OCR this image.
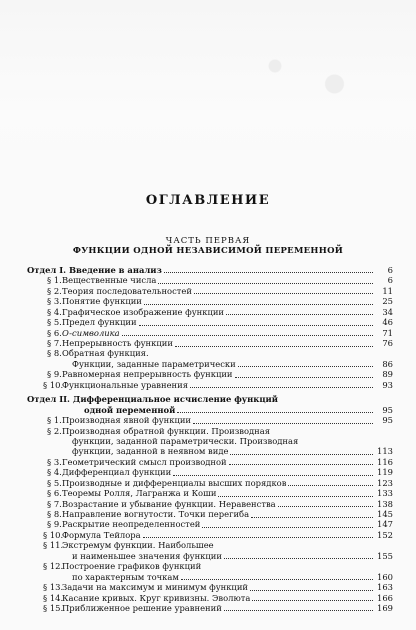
ОГЛАВЛЕНИЕ
ЧАСТЬ ПЕРВАЯ
ФУНКЦИИ ОДНОЙ НЕЗАВИСИМОЙ ПЕРЕМЕННОЙ
Отдел I. Введение в анализ	6
§ 1.Вещественные числа	6
§ 2.Теория последовательностей	11
§ 3.Понятие функции	25
§ 4.Графическое изображение функции	34
§ 5.Предел функции	46
§ 6.O-символика	71
§ 7.Непрерывность функции	76
§ 8.Обратная функция.
Функции, заданные параметрически	86
§ 9.Равномерная непрерывность функции	89
§ 10.Функциональные уравнения	93
Отдел II. Дифференциальное исчисление функций
одной переменной	95
§ 1.Производная явной функции	95
§ 2.Производная обратной функции. Производная
функции, заданной параметрически. Производная
функции, заданной в неявном виде	113
§ 3.Геометрический смысл производной	116
§ 4.Дифференциал функции	119
§ 5.Производные и дифференциалы высших порядков	123
§ 6.Теоремы Ролля, Лагранжа и Коши	133
§ 7.Возрастание и убывание функции. Неравенства	138
§ 8.Направление вогнутости. Точки перегиба	145
§ 9.Раскрытие неопределенностей	147
§ 10.Формула Тейлора	152
§ 11.Экстремум функции. Наибольшее
и наименьшее значения функции	155
§ 12.Построение графиков функций
по характерным точкам	160
§ 13.Задачи на максимум и минимум функций	163
§ 14.Касание кривых. Круг кривизны. Эволюта	166
§ 15.Приближенное решение уравнений	169
